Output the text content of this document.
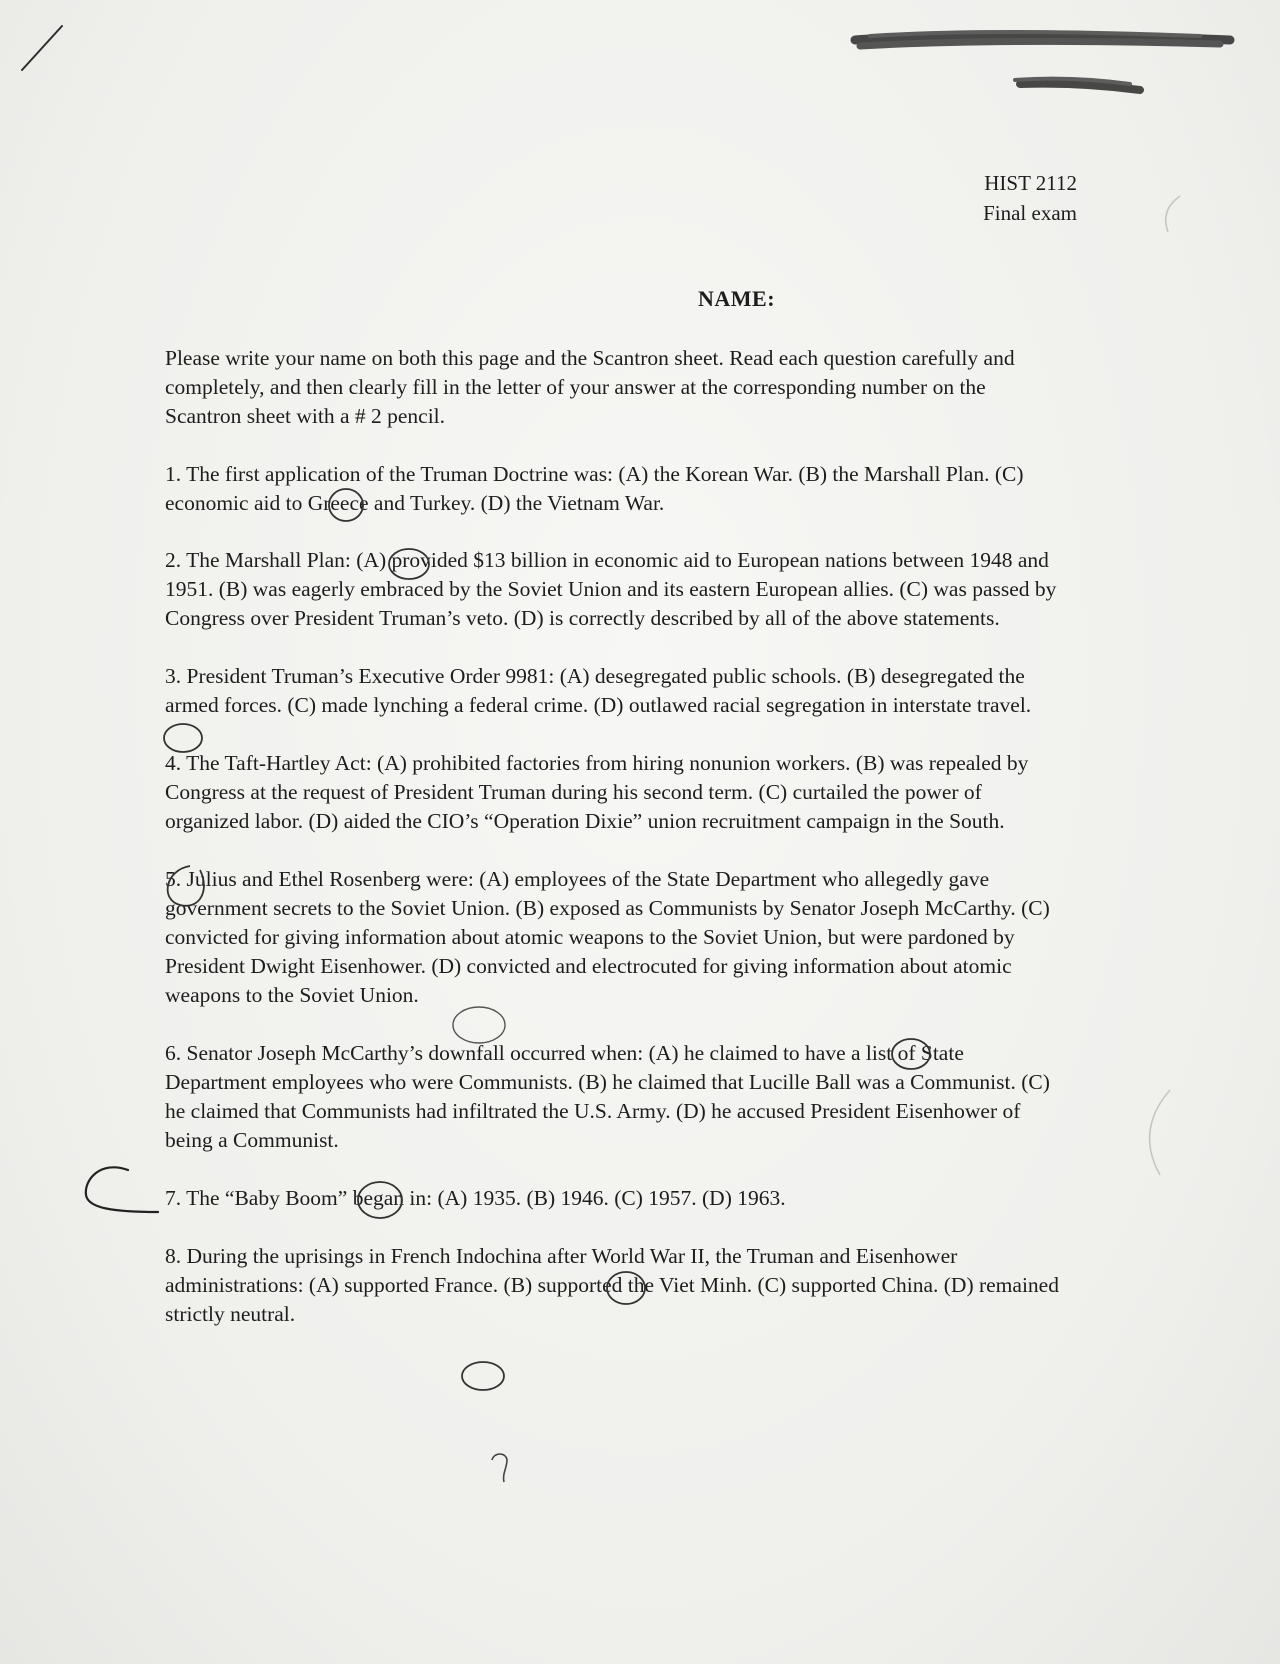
HIST 2112
Final exam
NAME:
Please write your name on both this page and the Scantron sheet. Read each question carefully and completely, and then clearly fill in the letter of your answer at the corresponding number on the Scantron sheet with a # 2 pencil.

1. The first application of the Truman Doctrine was: (A) the Korean War. (B) the Marshall Plan. (C) economic aid to Greece and Turkey. (D) the Vietnam War.

2. The Marshall Plan: (A) provided $13 billion in economic aid to European nations between 1948 and 1951. (B) was eagerly embraced by the Soviet Union and its eastern European allies. (C) was passed by Congress over President Truman’s veto. (D) is correctly described by all of the above statements.

3. President Truman’s Executive Order 9981: (A) desegregated public schools. (B) desegregated the armed forces. (C) made lynching a federal crime. (D) outlawed racial segregation in interstate travel.

4. The Taft-Hartley Act: (A) prohibited factories from hiring nonunion workers. (B) was repealed by Congress at the request of President Truman during his second term. (C) curtailed the power of organized labor. (D) aided the CIO’s “Operation Dixie” union recruitment campaign in the South.

5. Julius and Ethel Rosenberg were: (A) employees of the State Department who allegedly gave government secrets to the Soviet Union. (B) exposed as Communists by Senator Joseph McCarthy. (C) convicted for giving information about atomic weapons to the Soviet Union, but were pardoned by President Dwight Eisenhower. (D) convicted and electrocuted for giving information about atomic weapons to the Soviet Union.

6. Senator Joseph McCarthy’s downfall occurred when: (A) he claimed to have a list of State Department employees who were Communists. (B) he claimed that Lucille Ball was a Communist. (C) he claimed that Communists had infiltrated the U.S. Army. (D) he accused President Eisenhower of being a Communist.

7. The “Baby Boom” began in: (A) 1935. (B) 1946. (C) 1957. (D) 1963.

8. During the uprisings in French Indochina after World War II, the Truman and Eisenhower administrations: (A) supported France. (B) supported the Viet Minh. (C) supported China. (D) remained strictly neutral.
